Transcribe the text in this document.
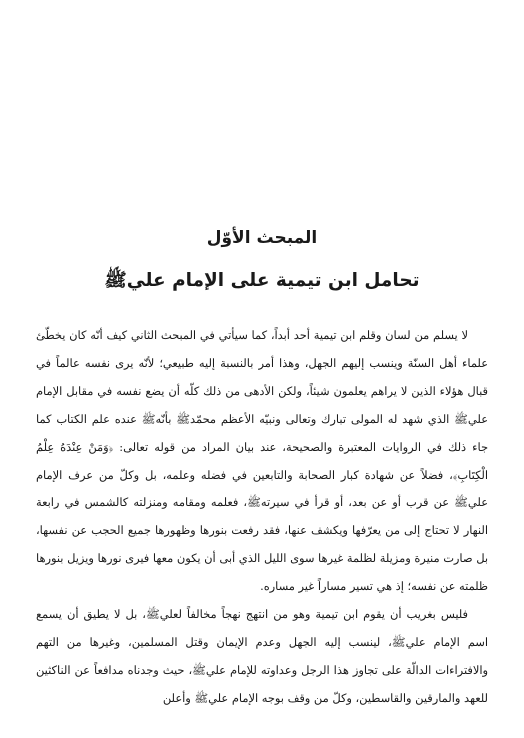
المبحث الأوّل
تحامل ابن تيمية على الإمام عليﷺ

لا يسلم من لسان وقلم ابن تيمية أحد أبداً، كما سيأتي في المبحث الثاني كيف أنّه كان يخطّئ علماء أهل السنّة وينسب إليهم الجهل، وهذا أمر بالنسبة إليه طبيعي؛ لأنّه يرى نفسه عالماً في قبال هؤلاء الذين لا يراهم يعلمون شيئاً، ولكن الأدهى من ذلك كلّه أن يضع نفسه في مقابل الإمام عليﷺ الذي شهد له المولى تبارك وتعالى ونبيّه الأعظم محمّدﷺ بأنّهﷺ عنده علم الكتاب كما جاء ذلك في الروايات المعتبرة والصحيحة، عند بيان المراد من قوله تعالى: ﴿وَمَنْ عِنْدَهُ عِلْمُ الْكِتَابِ﴾، فضلاً عن شهادة كبار الصحابة والتابعين في فضله وعلمه، بل وكلّ من عرف الإمام عليﷺ عن قرب أو عن بعد، أو قرأ في سيرتهﷺ، فعلمه ومقامه ومنزلته كالشمس في رابعة النهار لا تحتاج إلى من يعرّفها ويكشف عنها، فقد رفعت بنورها وظهورها جميع الحجب عن نفسها، بل صارت منيرة ومزيلة لظلمة غيرها سوى الليل الذي أبى أن يكون معها فيرى نورها ويزيل بنورها ظلمته عن نفسه؛ إذ هي تسير مساراً غير مساره.

فليس بغريب أن يقوم ابن تيمية وهو من انتهج نهجاً مخالفاً لعليﷺ، بل لا يطيق أن يسمع اسم الإمام عليﷺ، لينسب إليه الجهل وعدم الإيمان وقتل المسلمين، وغيرها من التهم والافتراءات الدالّة على تجاوز هذا الرجل وعداوته للإمام عليﷺ، حيث وجدناه مدافعاً عن الناكثين للعهد والمارقين والقاسطين، وكلّ من وقف بوجه الإمام عليﷺ وأعلن
